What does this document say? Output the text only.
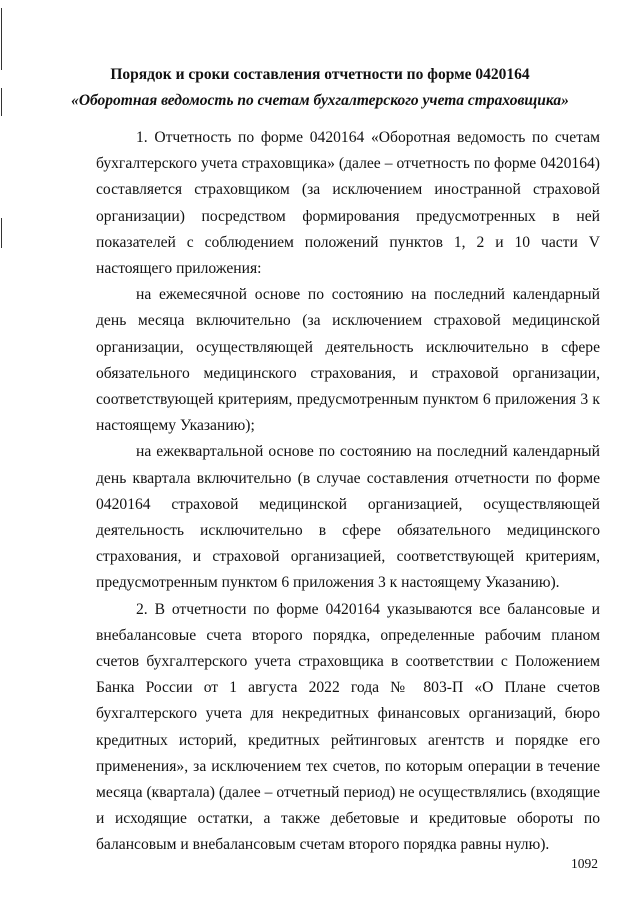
Порядок и сроки составления отчетности по форме 0420164
«Оборотная ведомость по счетам бухгалтерского учета страховщика»

1. Отчетность по форме 0420164 «Оборотная ведомость по счетам бухгалтерского учета страховщика» (далее – отчетность по форме 0420164) составляется страховщиком (за исключением иностранной страховой организации) посредством формирования предусмотренных в ней показателей с соблюдением положений пунктов 1, 2 и 10 части V настоящего приложения:

на ежемесячной основе по состоянию на последний календарный день месяца включительно (за исключением страховой медицинской организации, осуществляющей деятельность исключительно в сфере обязательного медицинского страхования, и страховой организации, соответствующей критериям, предусмотренным пунктом 6 приложения 3 к настоящему Указанию);

на ежеквартальной основе по состоянию на последний календарный день квартала включительно (в случае составления отчетности по форме 0420164 страховой медицинской организацией, осуществляющей деятельность исключительно в сфере обязательного медицинского страхования, и страховой организацией, соответствующей критериям, предусмотренным пунктом 6 приложения 3 к настоящему Указанию).

2. В отчетности по форме 0420164 указываются все балансовые и внебалансовые счета второго порядка, определенные рабочим планом счетов бухгалтерского учета страховщика в соответствии с Положением Банка России от 1 августа 2022 года № 803-П «О Плане счетов бухгалтерского учета для некредитных финансовых организаций, бюро кредитных историй, кредитных рейтинговых агентств и порядке его применения», за исключением тех счетов, по которым операции в течение месяца (квартала) (далее – отчетный период) не осуществлялись (входящие и исходящие остатки, а также дебетовые и кредитовые обороты по балансовым и внебалансовым счетам второго порядка равны нулю).

1092
